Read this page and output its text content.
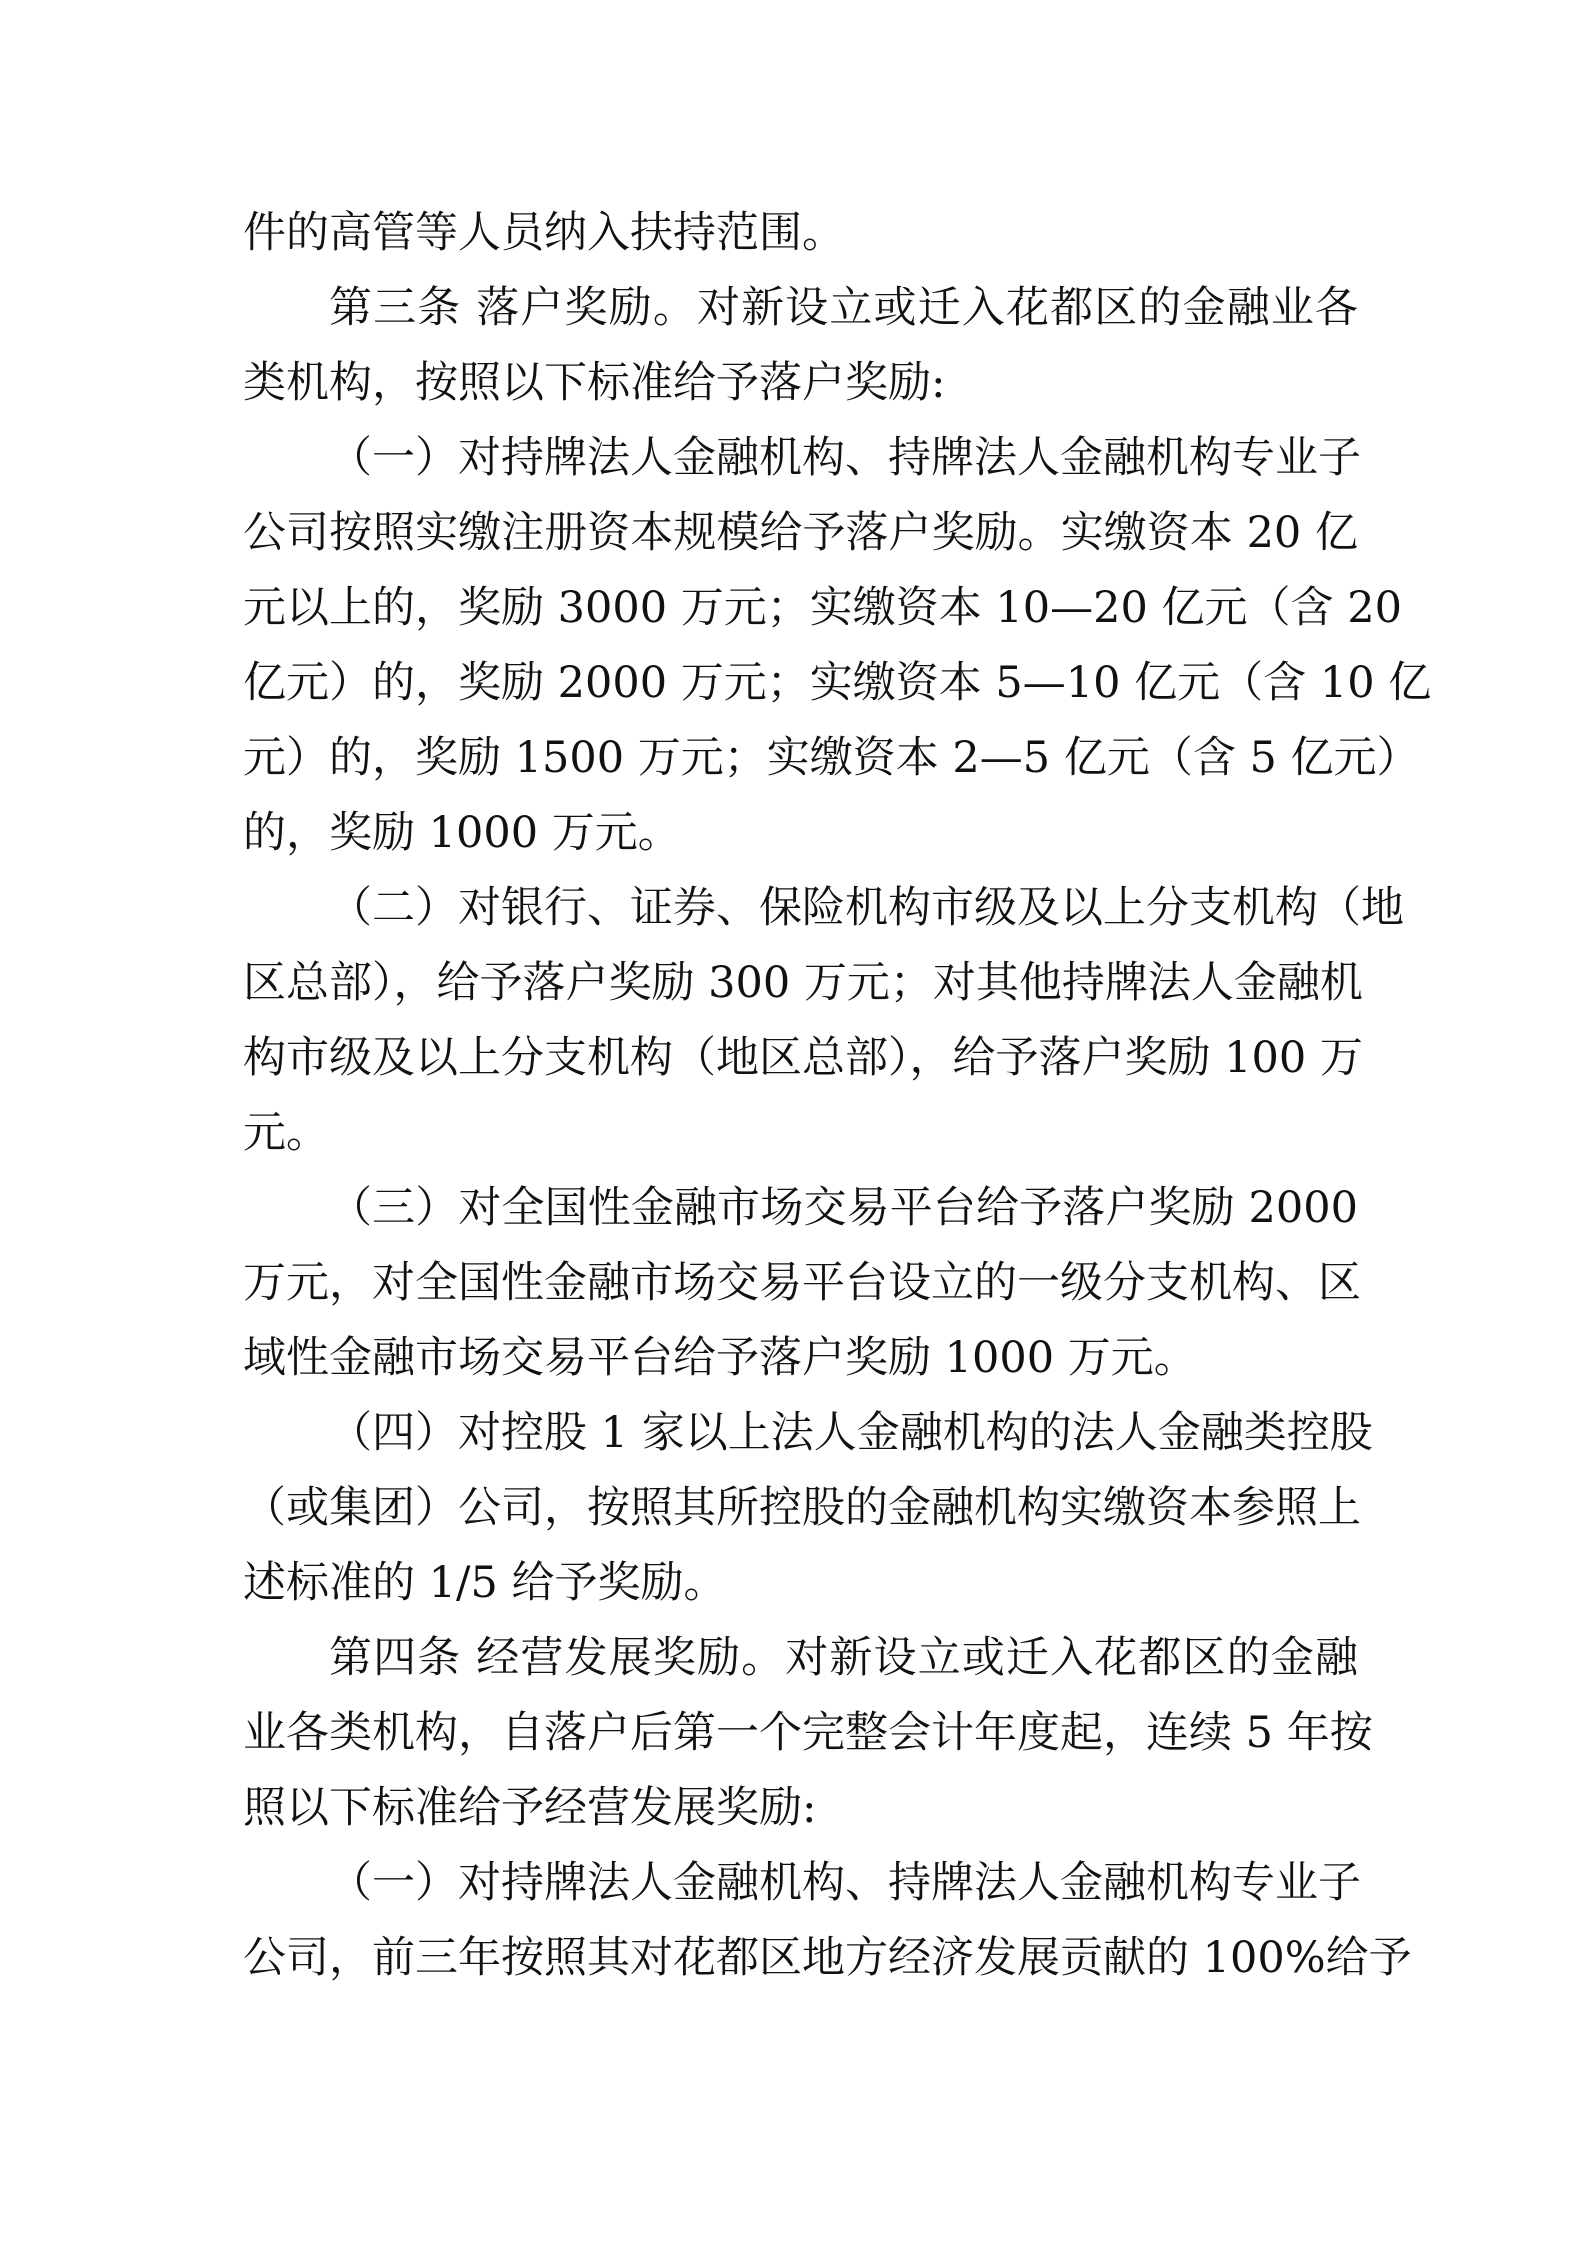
件的高管等人员纳入扶持范围。
第三条 落户奖励。对新设立或迁入花都区的金融业各
类机构，按照以下标准给予落户奖励:
（一）对持牌法人金融机构、持牌法人金融机构专业子
公司按照实缴注册资本规模给予落户奖励。实缴资本 20 亿
元以上的，奖励 3000 万元；实缴资本 10—20 亿元（含 20
亿元）的，奖励 2000 万元；实缴资本 5—10 亿元（含 10 亿
元）的，奖励 1500 万元；实缴资本 2—5 亿元（含 5 亿元）
的，奖励 1000 万元。
（二）对银行、证券、保险机构市级及以上分支机构（地
区总部），给予落户奖励 300 万元；对其他持牌法人金融机
构市级及以上分支机构（地区总部），给予落户奖励 100 万
元。
（三）对全国性金融市场交易平台给予落户奖励 2000
万元，对全国性金融市场交易平台设立的一级分支机构、区
域性金融市场交易平台给予落户奖励 1000 万元。
（四）对控股 1 家以上法人金融机构的法人金融类控股
（或集团）公司，按照其所控股的金融机构实缴资本参照上
述标准的 1/5 给予奖励。
第四条 经营发展奖励。对新设立或迁入花都区的金融
业各类机构，自落户后第一个完整会计年度起，连续 5 年按
照以下标准给予经营发展奖励:
（一）对持牌法人金融机构、持牌法人金融机构专业子
公司，前三年按照其对花都区地方经济发展贡献的 100%给予
